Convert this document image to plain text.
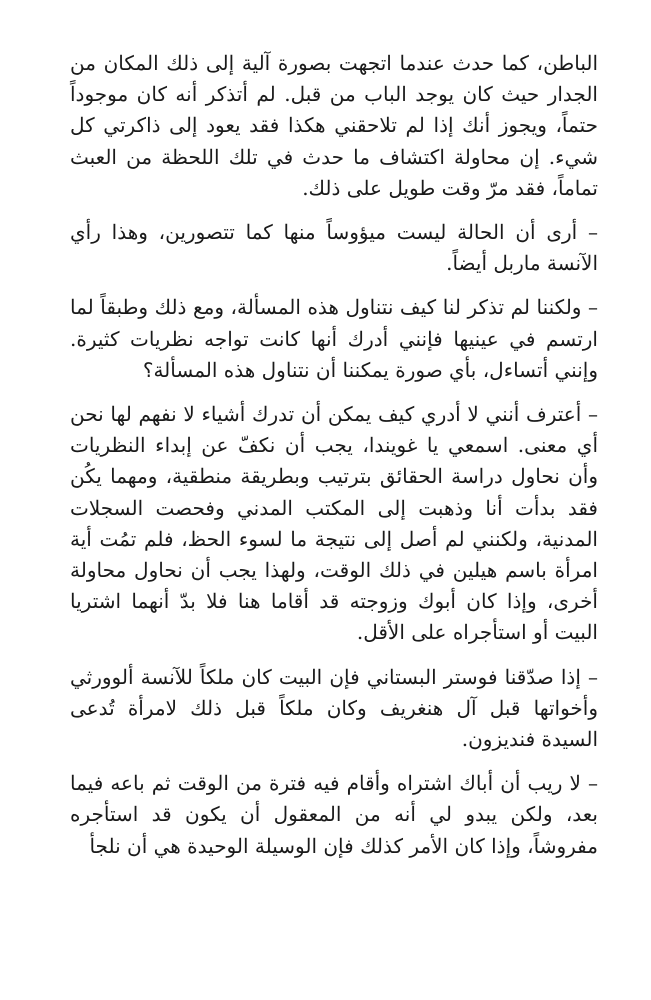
الباطن، كما حدث عندما اتجهت بصورة آلية إلى ذلك المكان من الجدار حيث كان يوجد الباب من قبل. لم أتذكر أنه كان موجوداً حتماً، ويجوز أنك إذا لم تلاحقني هكذا فقد يعود إلى ذاكرتي كل شيء. إن محاولة اكتشاف ما حدث في تلك اللحظة من العبث تماماً، فقد مرّ وقت طويل على ذلك.

– أرى أن الحالة ليست ميؤوساً منها كما تتصورين، وهذا رأي الآنسة ماربل أيضاً.

– ولكننا لم تذكر لنا كيف نتناول هذه المسألة، ومع ذلك وطبقاً لما ارتسم في عينيها فإنني أدرك أنها كانت تواجه نظريات كثيرة. وإنني أتساءل، بأي صورة يمكننا أن نتناول هذه المسألة؟

– أعترف أنني لا أدري كيف يمكن أن تدرك أشياء لا نفهم لها نحن أي معنى. اسمعي يا غويندا، يجب أن نكفّ عن إبداء النظريات وأن نحاول دراسة الحقائق بترتيب وبطريقة منطقية، ومهما يكُن فقد بدأت أنا وذهبت إلى المكتب المدني وفحصت السجلات المدنية، ولكنني لم أصل إلى نتيجة ما لسوء الحظ، فلم تمُت أية امرأة باسم هيلين في ذلك الوقت، ولهذا يجب أن نحاول محاولة أخرى، وإذا كان أبوك وزوجته قد أقاما هنا فلا بدّ أنهما اشتريا البيت أو استأجراه على الأقل.

– إذا صدّقنا فوستر البستاني فإن البيت كان ملكاً للآنسة ألوورثي وأخواتها قبل آل هنغريف وكان ملكاً قبل ذلك لامرأة تُدعى السيدة فنديزون.

– لا ريب أن أباك اشتراه وأقام فيه فترة من الوقت ثم باعه فيما بعد، ولكن يبدو لي أنه من المعقول أن يكون قد استأجره مفروشاً، وإذا كان الأمر كذلك فإن الوسيلة الوحيدة هي أن نلجأ
